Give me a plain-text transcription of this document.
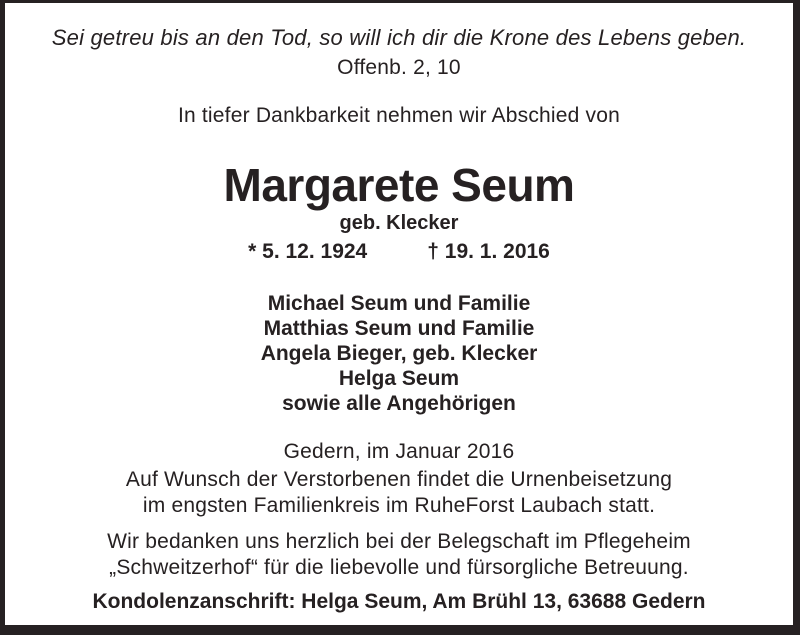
Sei getreu bis an den Tod, so will ich dir die Krone des Lebens geben.
Offenb. 2, 10
In tiefer Dankbarkeit nehmen wir Abschied von
Margarete Seum
geb. Klecker
* 5. 12. 1924	† 19. 1. 2016
Michael Seum und Familie
Matthias Seum und Familie
Angela Bieger, geb. Klecker
Helga Seum
sowie alle Angehörigen
Gedern, im Januar 2016
Auf Wunsch der Verstorbenen findet die Urnenbeisetzung
im engsten Familienkreis im RuheForst Laubach statt.
Wir bedanken uns herzlich bei der Belegschaft im Pflegeheim
„Schweitzerhof“ für die liebevolle und fürsorgliche Betreuung.
Kondolenzanschrift: Helga Seum, Am Brühl 13, 63688 Gedern
